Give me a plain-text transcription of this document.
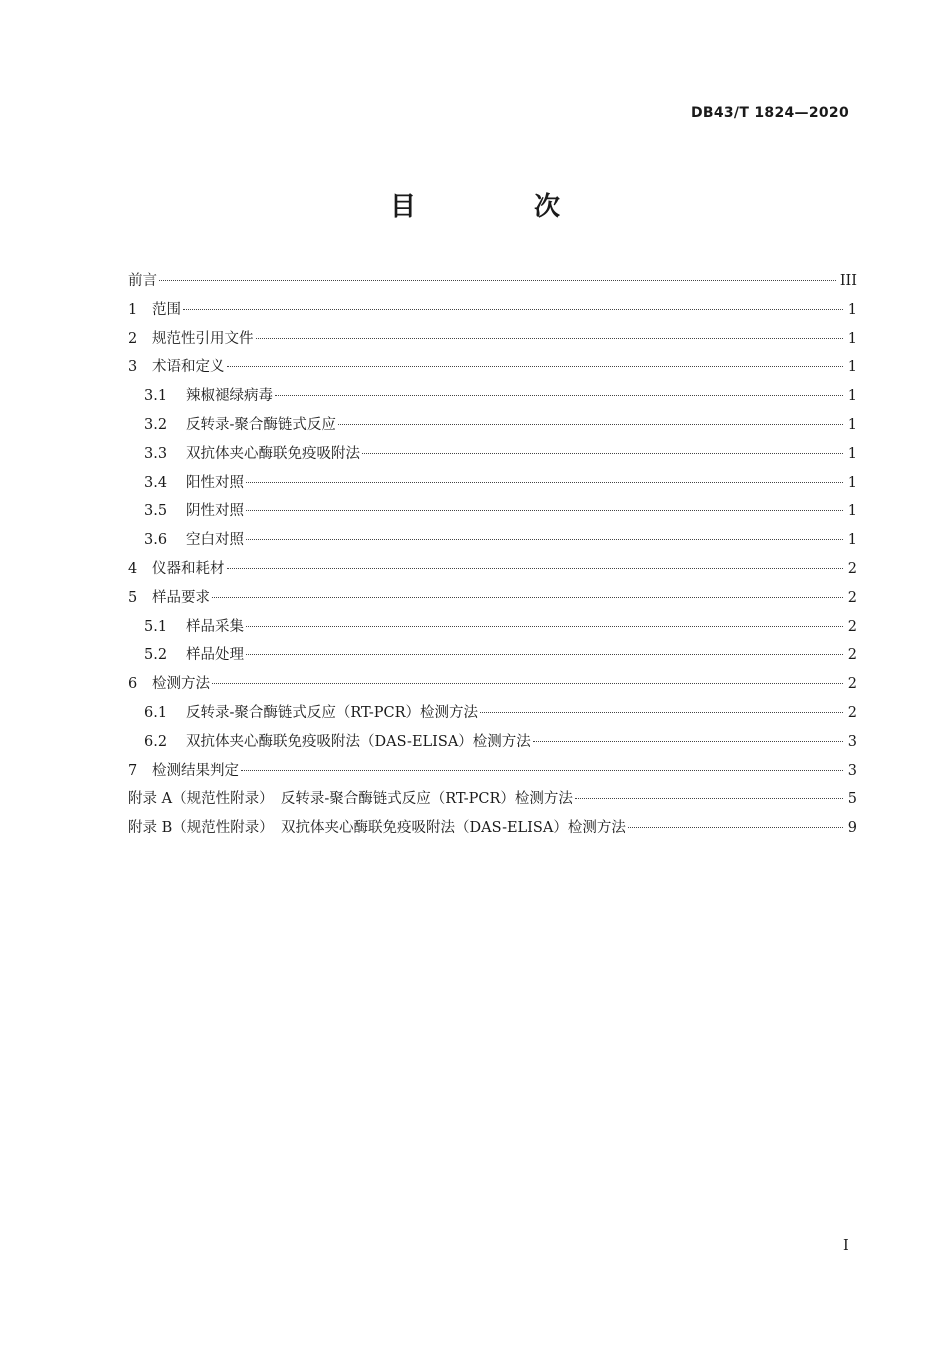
DB43/T 1824—2020
目　次
前言	III
1	范围	1
2	规范性引用文件	1
3	术语和定义	1
3.1	辣椒褪绿病毒	1
3.2	反转录-聚合酶链式反应	1
3.3	双抗体夹心酶联免疫吸附法	1
3.4	阳性对照	1
3.5	阴性对照	1
3.6	空白对照	1
4	仪器和耗材	2
5	样品要求	2
5.1	样品采集	2
5.2	样品处理	2
6	检测方法	2
6.1	反转录-聚合酶链式反应（RT-PCR）检测方法	2
6.2	双抗体夹心酶联免疫吸附法（DAS-ELISA）检测方法	3
7	检测结果判定	3
附录 A（规范性附录）　反转录-聚合酶链式反应（RT-PCR）检测方法	5
附录 B（规范性附录）　双抗体夹心酶联免疫吸附法（DAS-ELISA）检测方法	9
I
